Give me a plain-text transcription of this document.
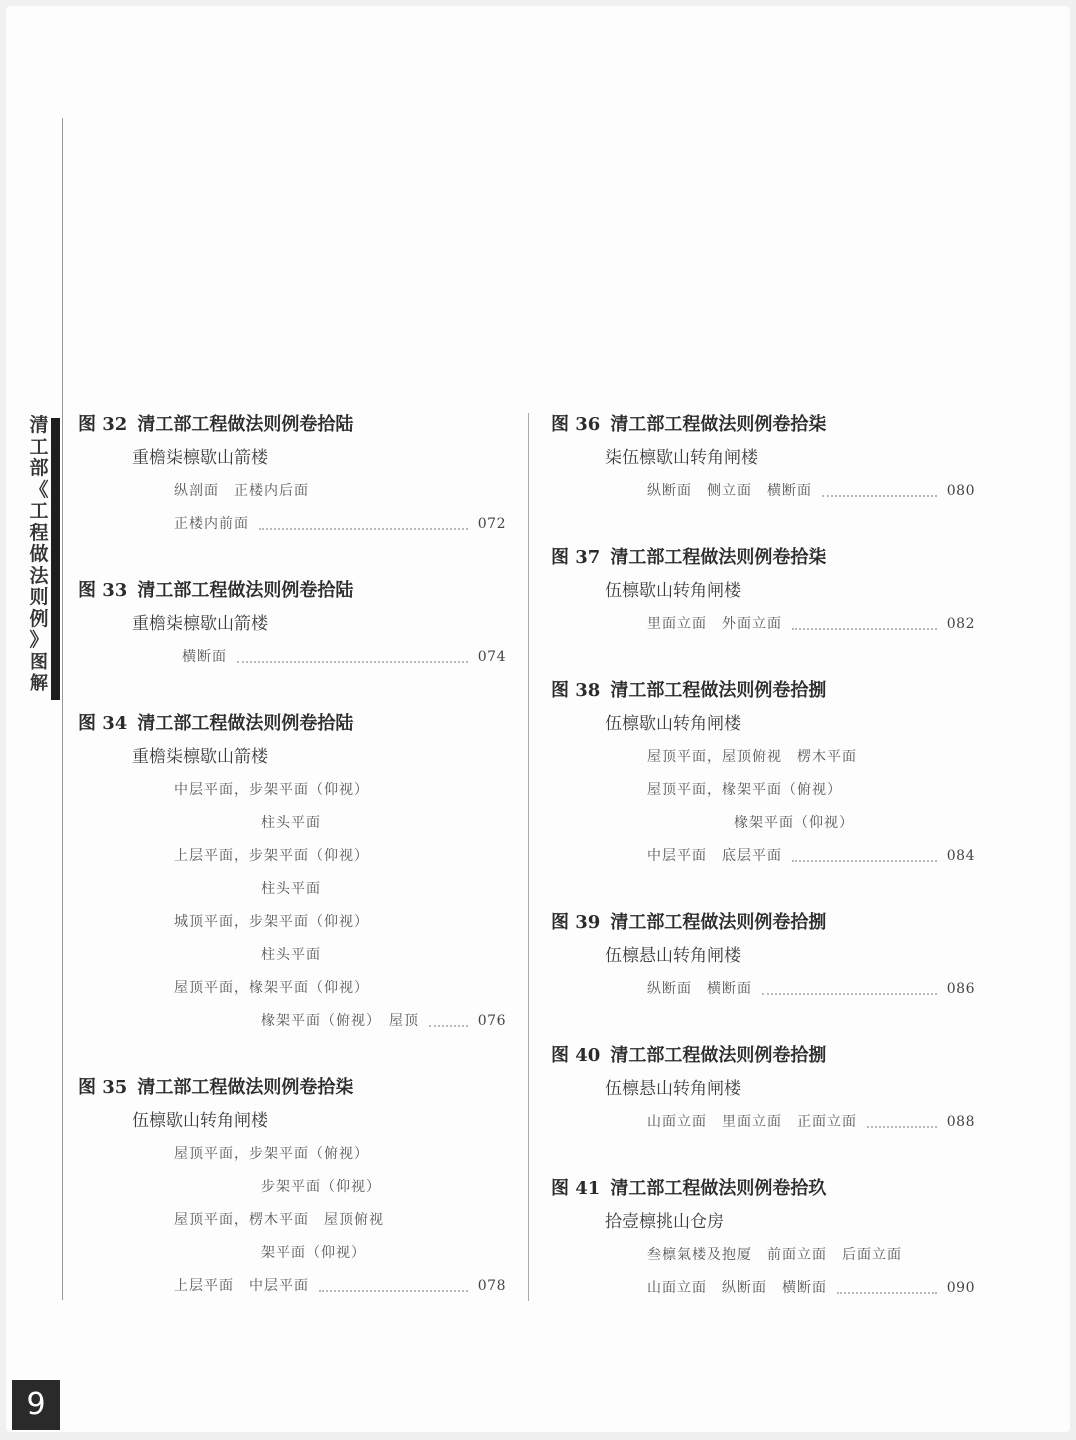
清
工
部
《
工
程
做
法
则
例
》
图
解
图 32 清工部工程做法则例卷拾陆
重檐柒檩歇山箭楼
纵剖面　正楼内后面
正楼内前面	072
图 33 清工部工程做法则例卷拾陆
重檐柒檩歇山箭楼
横断面	074
图 34 清工部工程做法则例卷拾陆
重檐柒檩歇山箭楼
中层平面，步架平面（仰视）
柱头平面
上层平面，步架平面（仰视）
柱头平面
城顶平面，步架平面（仰视）
柱头平面
屋顶平面，椽架平面（仰视）
椽架平面（俯视）　屋顶	076
图 35 清工部工程做法则例卷拾柒
伍檩歇山转角闸楼
屋顶平面，步架平面（俯视）
步架平面（仰视）
屋顶平面，楞木平面　屋顶俯视
架平面（仰视）
上层平面　中层平面	078
图 36 清工部工程做法则例卷拾柒
柒伍檩歇山转角闸楼
纵断面　侧立面　横断面	080
图 37 清工部工程做法则例卷拾柒
伍檩歇山转角闸楼
里面立面　外面立面	082
图 38 清工部工程做法则例卷拾捌
伍檩歇山转角闸楼
屋顶平面，屋顶俯视　楞木平面
屋顶平面，椽架平面（俯视）
椽架平面（仰视）
中层平面　底层平面	084
图 39 清工部工程做法则例卷拾捌
伍檩悬山转角闸楼
纵断面　横断面	086
图 40 清工部工程做法则例卷拾捌
伍檩悬山转角闸楼
山面立面　里面立面　正面立面	088
图 41 清工部工程做法则例卷拾玖
拾壹檩挑山仓房
叁檩氣楼及抱厦　前面立面　后面立面
山面立面　纵断面　横断面	090
9
